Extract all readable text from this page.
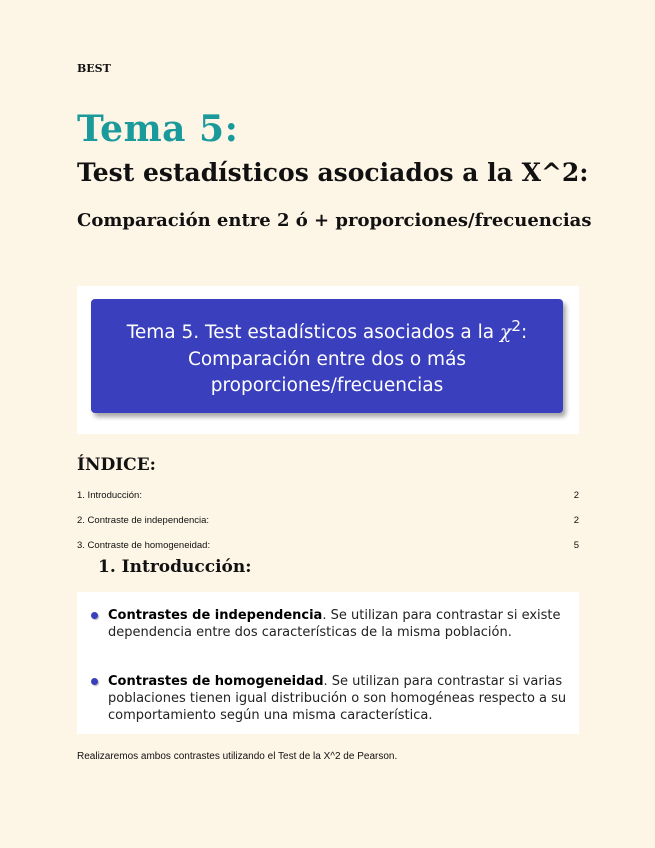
BEST
Tema 5:
Test estadísticos asociados a la X^2:
Comparación entre 2 ó + proporciones/frecuencias
Tema 5. Test estadísticos asociados a la $\chi^2$:
Comparación entre dos o más
proporciones/frecuencias
ÍNDICE:
1. Introducción:	2
2. Contraste de independencia:	2
3. Contraste de homogeneidad:	5
1. Introducción:
Contrastes de independencia. Se utilizan para contrastar si existe dependencia entre dos características de la misma población.
Contrastes de homogeneidad. Se utilizan para contrastar si varias poblaciones tienen igual distribución o son homogéneas respecto a su comportamiento según una misma característica.
Realizaremos ambos contrastes utilizando el Test de la X^2 de Pearson.
